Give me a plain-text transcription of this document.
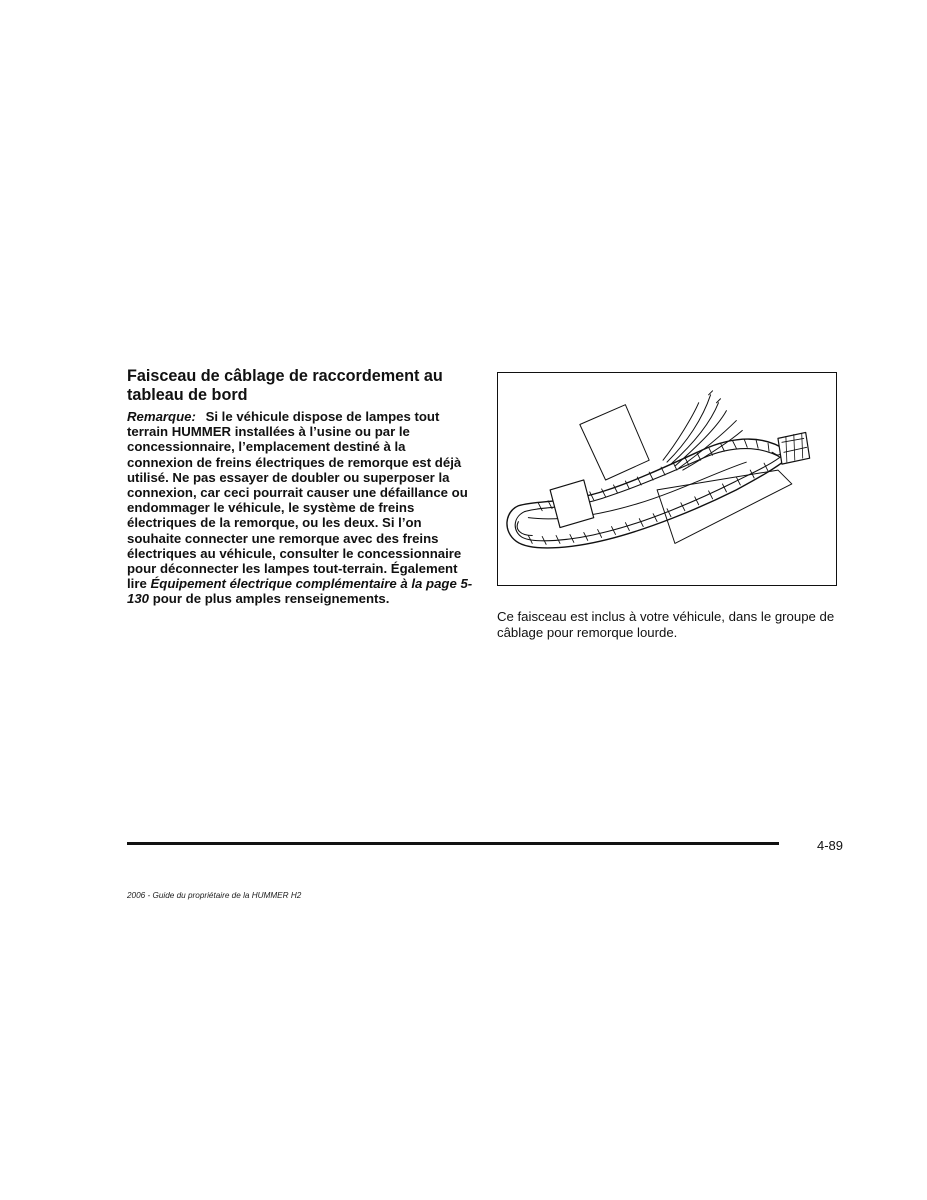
Faisceau de câblage de raccordement au tableau de bord

Remarque: Si le véhicule dispose de lampes tout terrain HUMMER installées à l’usine ou par le concessionnaire, l’emplacement destiné à la connexion de freins électriques de remorque est déjà utilisé. Ne pas essayer de doubler ou superposer la connexion, car ceci pourrait causer une défaillance ou endommager le véhicule, le système de freins électriques de la remorque, ou les deux. Si l’on souhaite connecter une remorque avec des freins électriques au véhicule, consulter le concessionnaire pour déconnecter les lampes tout-terrain. Également lire Équipement électrique complémentaire à la page 5-130 pour de plus amples renseignements.

Ce faisceau est inclus à votre véhicule, dans le groupe de câblage pour remorque lourde.

4-89
2006 - Guide du propriétaire de la HUMMER H2
